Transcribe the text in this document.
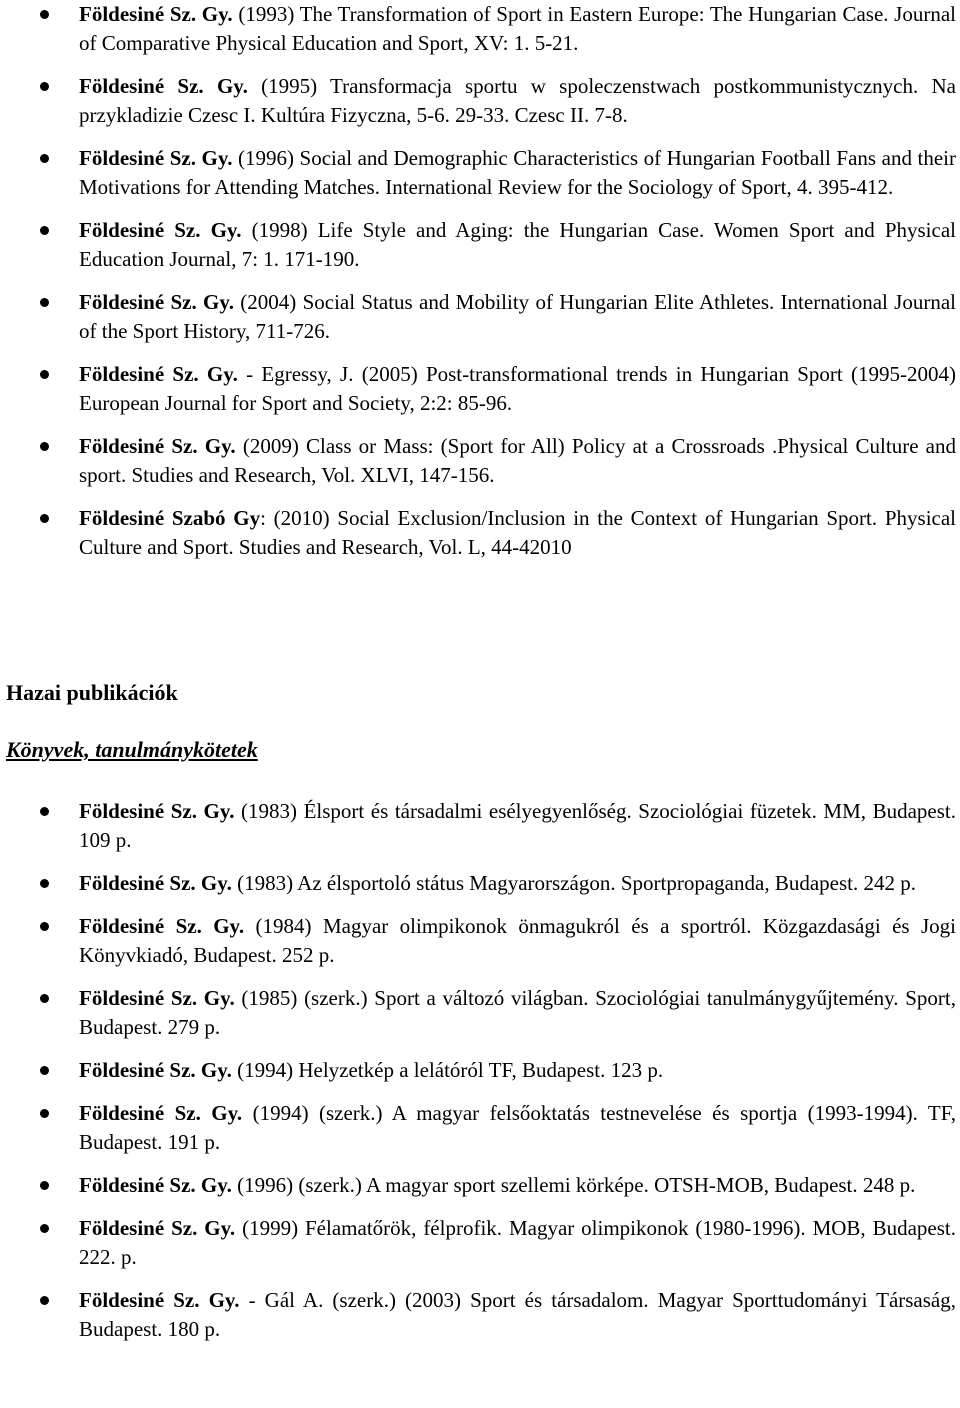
Földesiné Sz. Gy. (1993) The Transformation of Sport in Eastern Europe: The Hungarian Case. Journal of Comparative Physical Education and Sport, XV: 1. 5-21.
Földesiné Sz. Gy. (1995) Transformacja sportu w spoleczenstwach postkommunistycznych. Na przykladizie Czesc I. Kultúra Fizyczna, 5-6. 29-33. Czesc II. 7-8.
Földesiné Sz. Gy. (1996) Social and Demographic Characteristics of Hungarian Football Fans and their Motivations for Attending Matches. International Review for the Sociology of Sport, 4. 395-412.
Földesiné Sz. Gy. (1998) Life Style and Aging: the Hungarian Case. Women Sport and Physical Education Journal, 7: 1. 171-190.
Földesiné Sz. Gy. (2004) Social Status and Mobility of Hungarian Elite Athletes. International Journal of the Sport History, 711-726.
Földesiné Sz. Gy. - Egressy, J. (2005) Post-transformational trends in Hungarian Sport (1995-2004) European Journal for Sport and Society, 2:2: 85-96.
Földesiné Sz. Gy. (2009) Class or Mass: (Sport for All) Policy at a Crossroads .Physical Culture and sport. Studies and Research, Vol. XLVI, 147-156.
Földesiné Szabó Gy: (2010) Social Exclusion/Inclusion in the Context of Hungarian Sport. Physical Culture and Sport. Studies and Research, Vol. L, 44-42010
Hazai publikációk
Könyvek, tanulmánykötetek
Földesiné Sz. Gy. (1983) Élsport és társadalmi esélyegyenlőség. Szociológiai füzetek. MM, Budapest. 109 p.
Földesiné Sz. Gy. (1983) Az élsportoló státus Magyarországon. Sportpropaganda, Budapest. 242 p.
Földesiné Sz. Gy. (1984) Magyar olimpikonok önmagukról és a sportról. Közgazdasági és Jogi Könyvkiadó, Budapest. 252 p.
Földesiné Sz. Gy. (1985) (szerk.) Sport a változó világban. Szociológiai tanulmánygyűjtemény. Sport, Budapest. 279 p.
Földesiné Sz. Gy. (1994) Helyzetkép a lelátóról TF, Budapest. 123 p.
Földesiné Sz. Gy. (1994) (szerk.) A magyar felsőoktatás testnevelése és sportja (1993-1994). TF, Budapest. 191 p.
Földesiné Sz. Gy. (1996) (szerk.) A magyar sport szellemi körképe. OTSH-MOB, Budapest. 248 p.
Földesiné Sz. Gy. (1999) Félamatőrök, félprofik. Magyar olimpikonok (1980-1996). MOB, Budapest. 222. p.
Földesiné Sz. Gy. - Gál A. (szerk.) (2003) Sport és társadalom. Magyar Sporttudományi Társaság, Budapest. 180 p.
